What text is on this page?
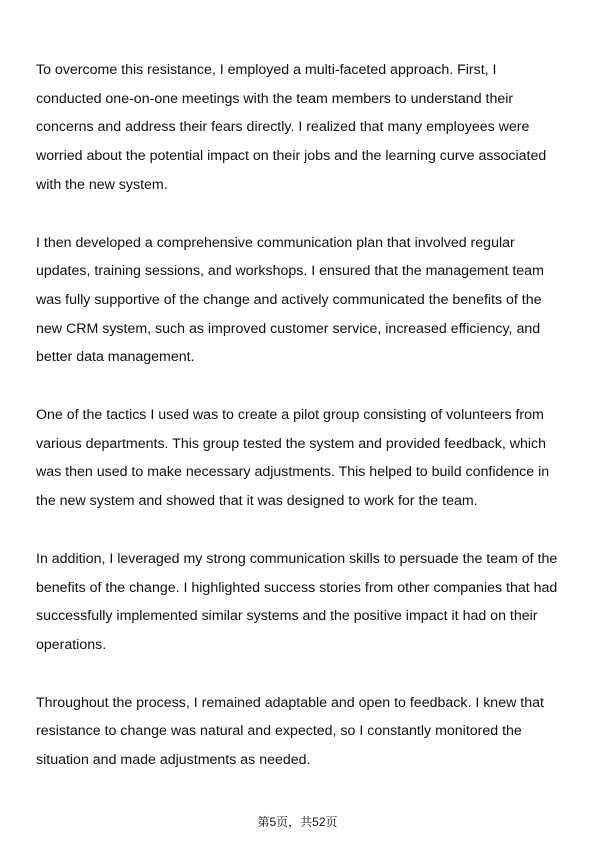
To overcome this resistance, I employed a multi-faceted approach. First, I conducted one-on-one meetings with the team members to understand their concerns and address their fears directly. I realized that many employees were worried about the potential impact on their jobs and the learning curve associated with the new system.

I then developed a comprehensive communication plan that involved regular updates, training sessions, and workshops. I ensured that the management team was fully supportive of the change and actively communicated the benefits of the new CRM system, such as improved customer service, increased efficiency, and better data management.

One of the tactics I used was to create a pilot group consisting of volunteers from various departments. This group tested the system and provided feedback, which was then used to make necessary adjustments. This helped to build confidence in the new system and showed that it was designed to work for the team.

In addition, I leveraged my strong communication skills to persuade the team of the benefits of the change. I highlighted success stories from other companies that had successfully implemented similar systems and the positive impact it had on their operations.

Throughout the process, I remained adaptable and open to feedback. I knew that resistance to change was natural and expected, so I constantly monitored the situation and made adjustments as needed.

第5页，共52页
